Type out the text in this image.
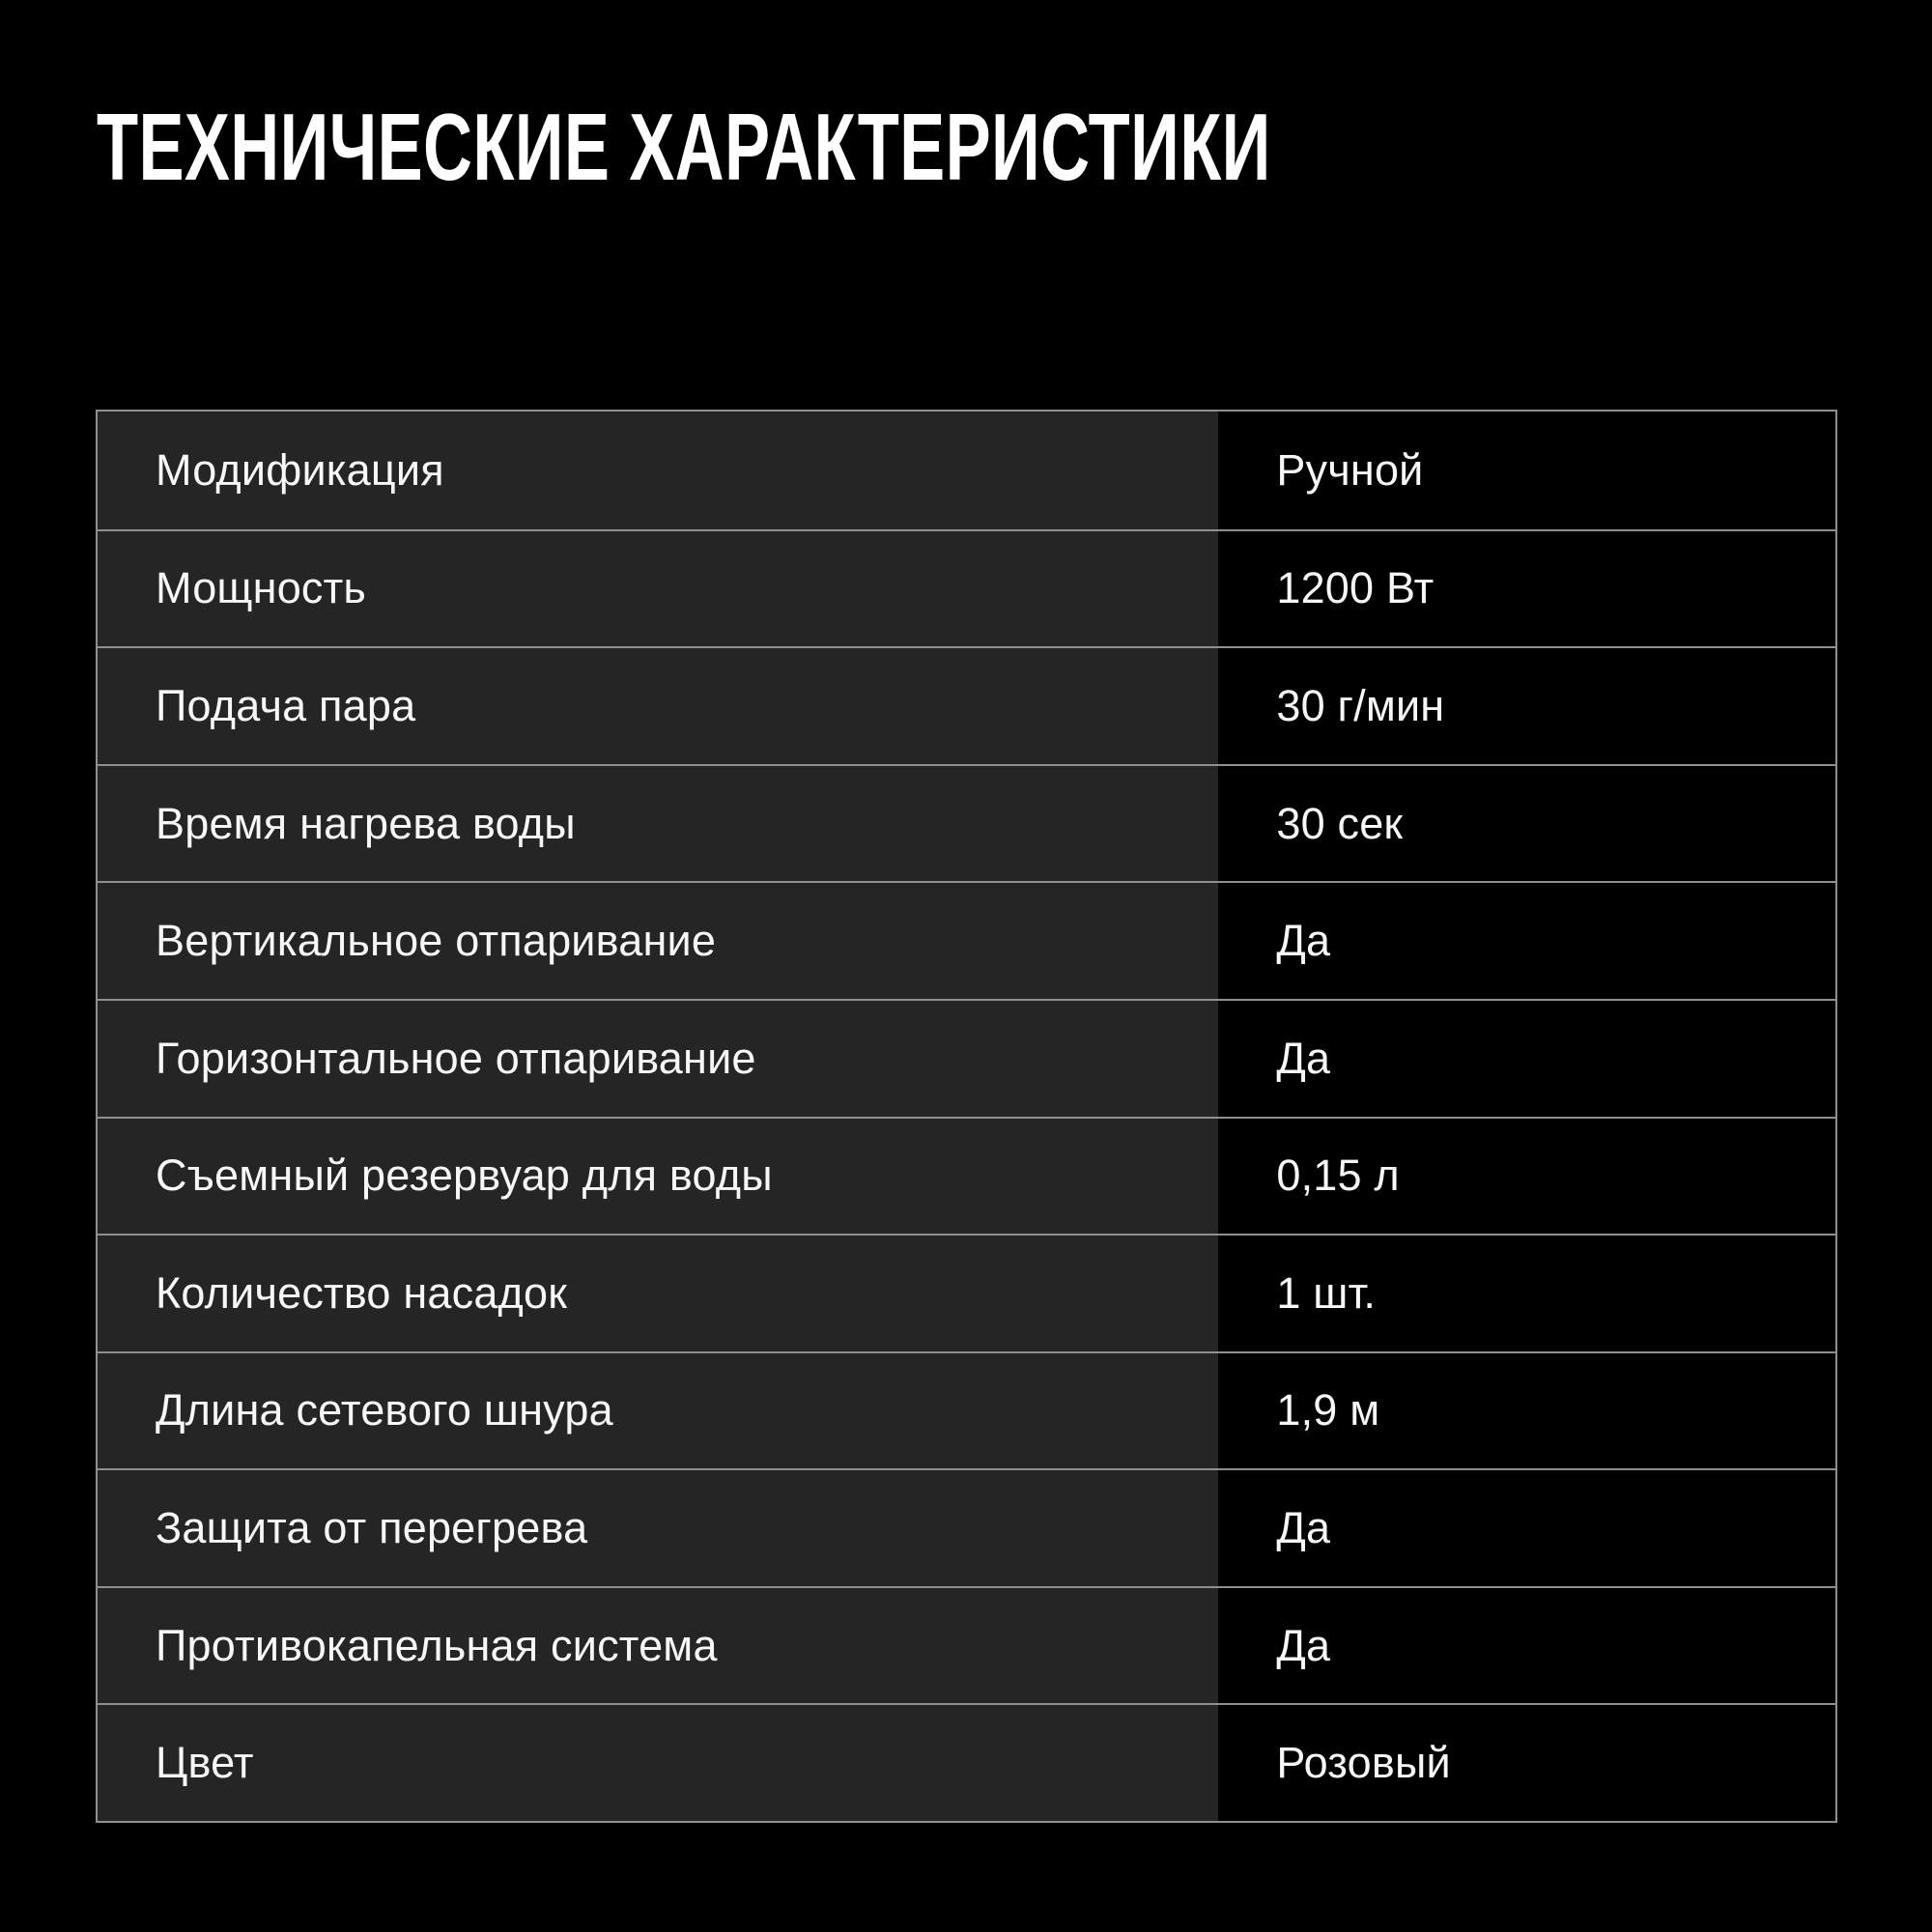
ТЕХНИЧЕСКИЕ ХАРАКТЕРИСТИКИ
Модификация	Ручной
Мощность	1200 Вт
Подача пара	30 г/мин
Время нагрева воды	30 сек
Вертикальное отпаривание	Да
Горизонтальное отпаривание	Да
Съемный резервуар для воды	0,15 л
Количество насадок	1 шт.
Длина сетевого шнура	1,9 м
Защита от перегрева	Да
Противокапельная система	Да
Цвет	Розовый
